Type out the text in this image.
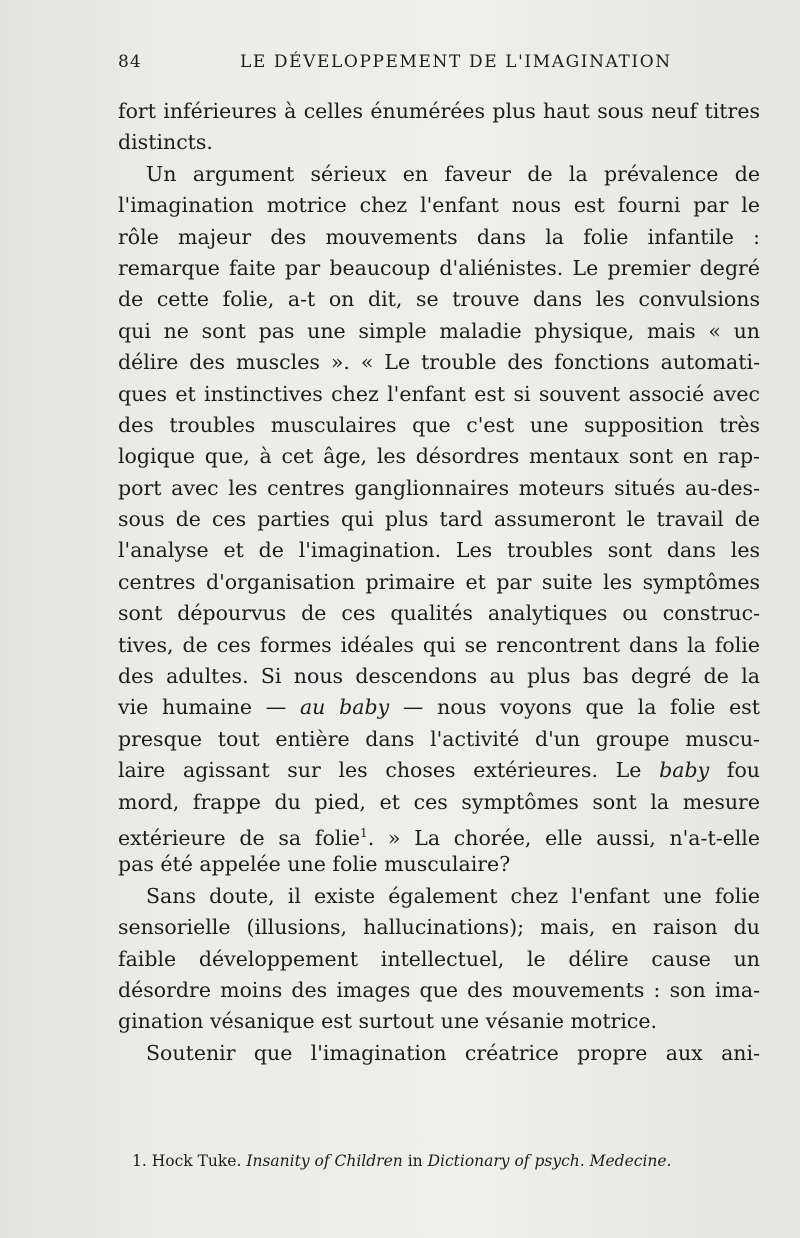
84	LE DÉVELOPPEMENT DE L'IMAGINATION
fort inférieures à celles énumérées plus haut sous neuf titres
distincts.
Un argument sérieux en faveur de la prévalence de
l'imagination motrice chez l'enfant nous est fourni par le
rôle majeur des mouvements dans la folie infantile :
remarque faite par beaucoup d'aliénistes. Le premier degré
de cette folie, a-t on dit, se trouve dans les convulsions
qui ne sont pas une simple maladie physique, mais « un
délire des muscles ». « Le trouble des fonctions automati-
ques et instinctives chez l'enfant est si souvent associé avec
des troubles musculaires que c'est une supposition très
logique que, à cet âge, les désordres mentaux sont en rap-
port avec les centres ganglionnaires moteurs situés au-des-
sous de ces parties qui plus tard assumeront le travail de
l'analyse et de l'imagination. Les troubles sont dans les
centres d'organisation primaire et par suite les symptômes
sont dépourvus de ces qualités analytiques ou construc-
tives, de ces formes idéales qui se rencontrent dans la folie
des adultes. Si nous descendons au plus bas degré de la
vie humaine — au baby — nous voyons que la folie est
presque tout entière dans l'activité d'un groupe muscu-
laire agissant sur les choses extérieures. Le baby fou
mord, frappe du pied, et ces symptômes sont la mesure
extérieure de sa folie$^1$. » La chorée, elle aussi, n'a-t-elle
pas été appelée une folie musculaire?
Sans doute, il existe également chez l'enfant une folie
sensorielle (illusions, hallucinations); mais, en raison du
faible développement intellectuel, le délire cause un
désordre moins des images que des mouvements : son ima-
gination vésanique est surtout une vésanie motrice.
Soutenir que l'imagination créatrice propre aux ani-
1. Hock Tuke. Insanity of Children in Dictionary of psych. Medecine.
